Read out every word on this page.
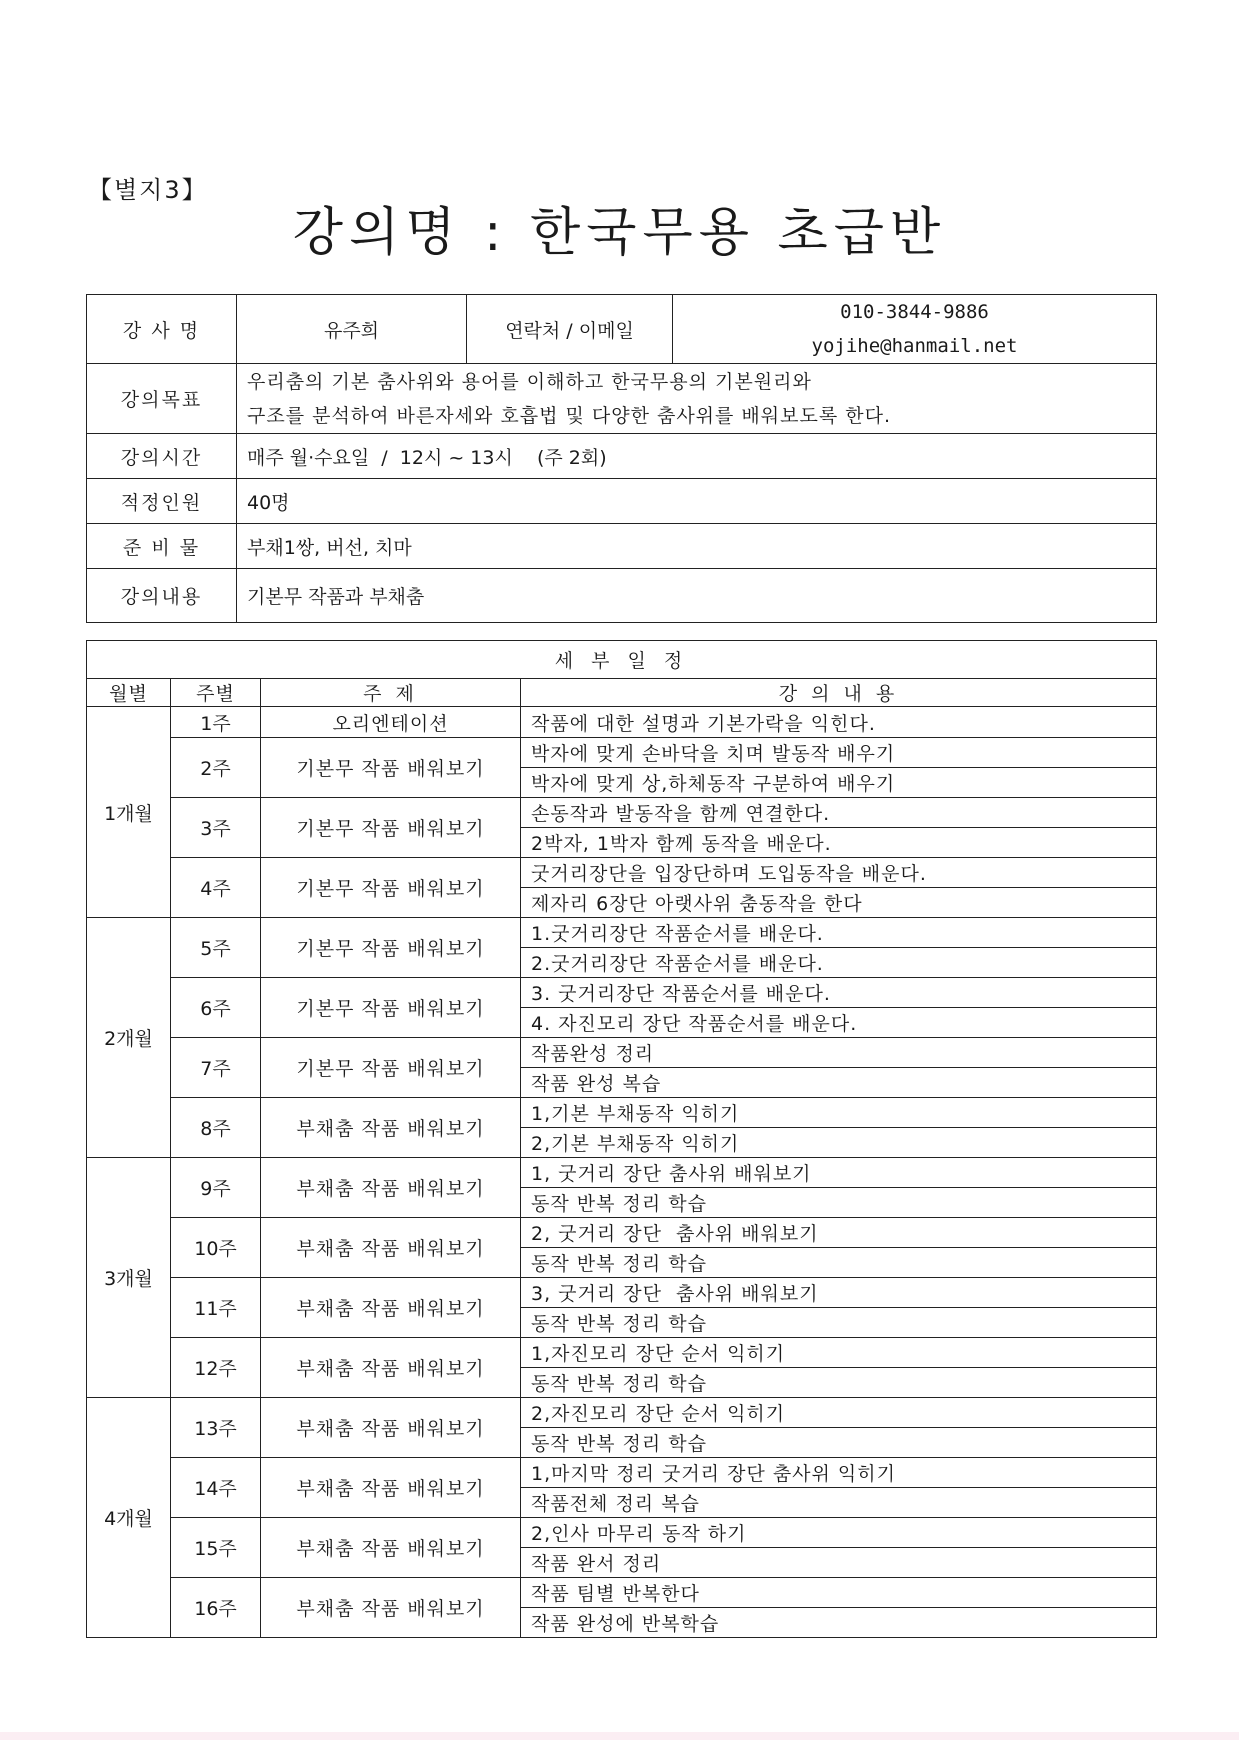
【별지3】
강의명 : 한국무용 초급반
강 사 명	유주희	연락처 / 이메일	010-3844-9886
yojihe@hanmail.net

강의목표	우리춤의 기본 춤사위와 용어를 이해하고 한국무용의 기본원리와
구조를 분석하여 바른자세와 호흡법 및 다양한 춤사위를 배워보도록 한다.		

강의시간	매주 월·수요일  /  12시 ~ 13시    (주 2회)		
적정인원	40명		
준 비 물	부채1쌍, 버선, 치마		
강의내용	기본무 작품과 부채춤		
세 부 일 정			
월별	주별	주 제	강 의 내 용
1개월	1주	오리엔테이션	작품에 대한 설명과 기본가락을 익힌다.
	2주	기본무 작품 배워보기	박자에 맞게 손바닥을 치며 발동작 배우기
			박자에 맞게 상,하체동작 구분하여 배우기
	3주	기본무 작품 배워보기	손동작과 발동작을 함께 연결한다.
			2박자, 1박자 함께 동작을 배운다.
	4주	기본무 작품 배워보기	굿거리장단을 입장단하며 도입동작을 배운다.
			제자리 6장단 아랫사위 춤동작을 한다
2개월	5주	기본무 작품 배워보기	1.굿거리장단 작품순서를 배운다.
			2.굿거리장단 작품순서를 배운다.
	6주	기본무 작품 배워보기	3. 굿거리장단 작품순서를 배운다.
			4. 자진모리 장단 작품순서를 배운다.
	7주	기본무 작품 배워보기	작품완성 정리
			작품 완성 복습
	8주	부채춤 작품 배워보기	1,기본 부채동작 익히기
			2,기본 부채동작 익히기
3개월	9주	부채춤 작품 배워보기	1, 굿거리 장단 춤사위 배워보기
			동작 반복 정리 학습
	10주	부채춤 작품 배워보기	2, 굿거리 장단  춤사위 배워보기
			동작 반복 정리 학습
	11주	부채춤 작품 배워보기	3, 굿거리 장단  춤사위 배워보기
			동작 반복 정리 학습
	12주	부채춤 작품 배워보기	1,자진모리 장단 순서 익히기
			동작 반복 정리 학습
4개월	13주	부채춤 작품 배워보기	2,자진모리 장단 순서 익히기
			동작 반복 정리 학습
	14주	부채춤 작품 배워보기	1,마지막 정리 굿거리 장단 춤사위 익히기
			작품전체 정리 복습
	15주	부채춤 작품 배워보기	2,인사 마무리 동작 하기
			작품 완서 정리
	16주	부채춤 작품 배워보기	작품 팀별 반복한다
			작품 완성에 반복학습
